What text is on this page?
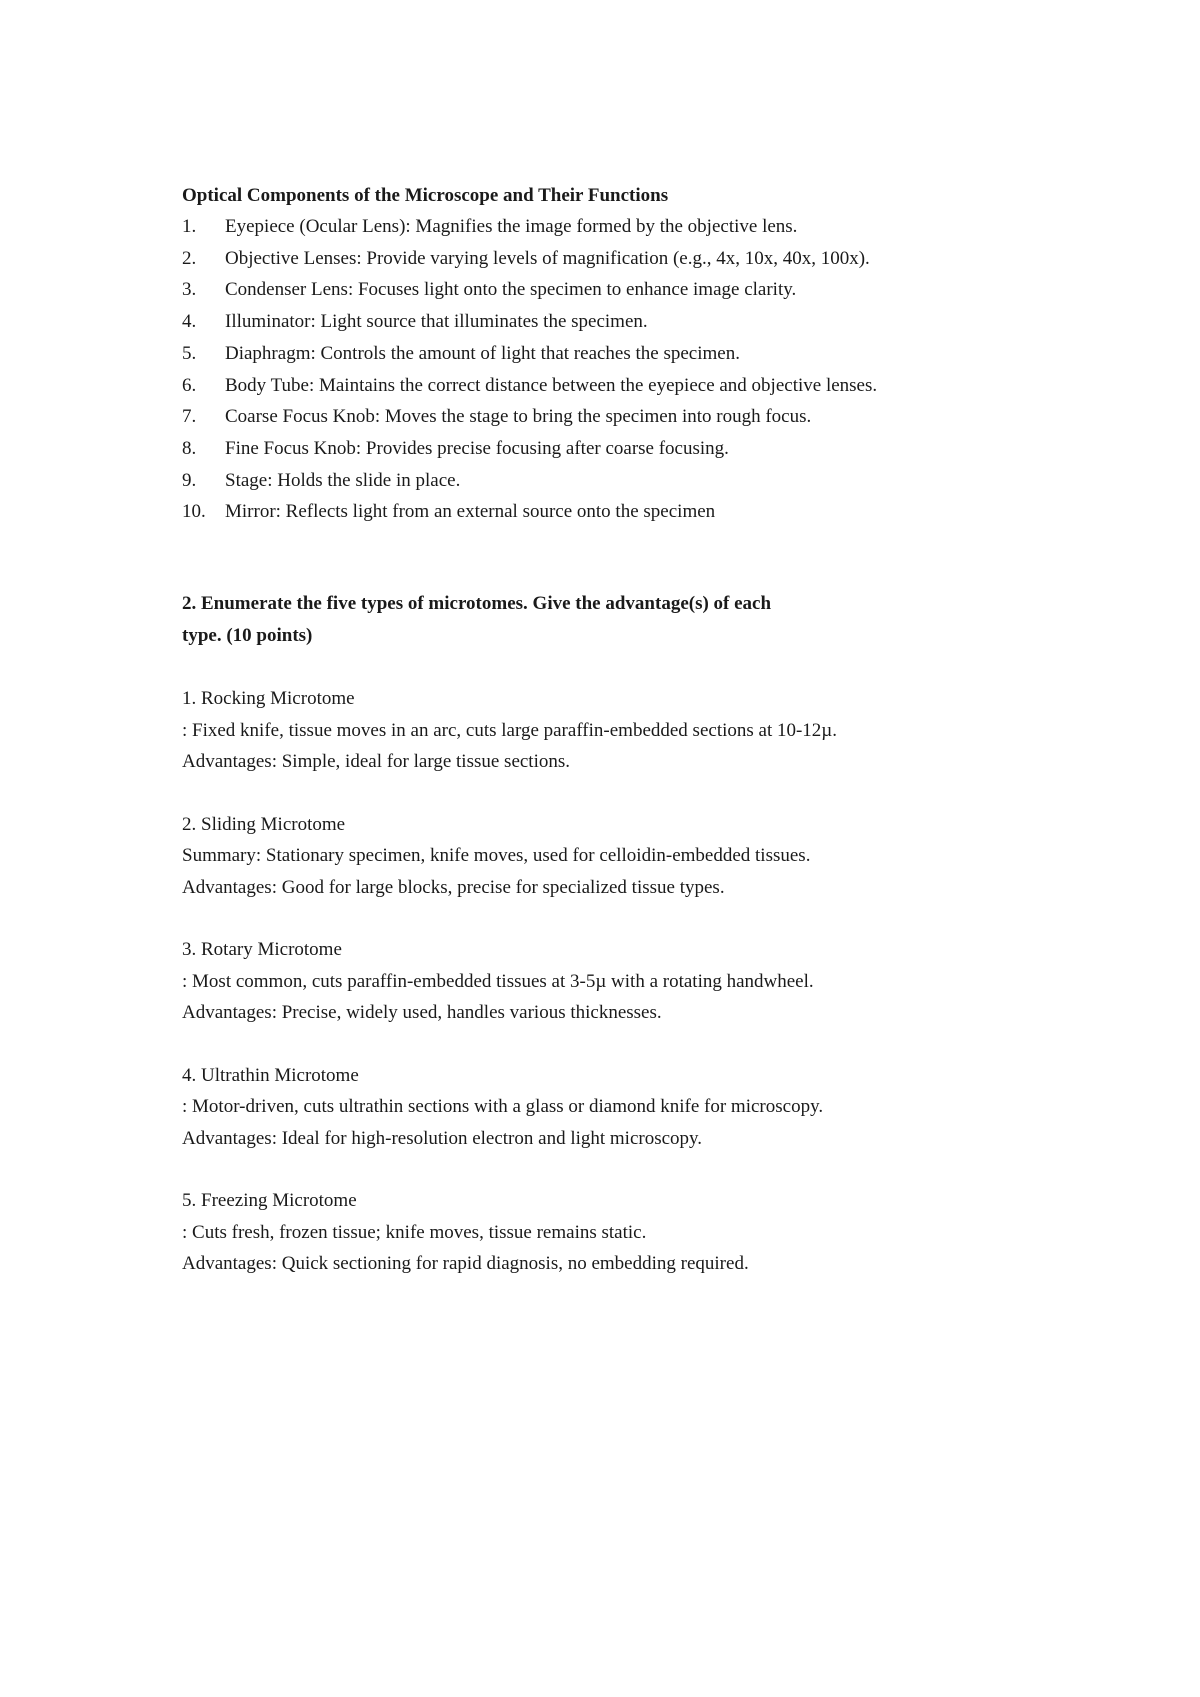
Optical Components of the Microscope and Their Functions

1.	Eyepiece (Ocular Lens): Magnifies the image formed by the objective lens.
2.	Objective Lenses: Provide varying levels of magnification (e.g., 4x, 10x, 40x, 100x).
3.	Condenser Lens: Focuses light onto the specimen to enhance image clarity.
4.	Illuminator: Light source that illuminates the specimen.
5.	Diaphragm: Controls the amount of light that reaches the specimen.
6.	Body Tube: Maintains the correct distance between the eyepiece and objective lenses.
7.	Coarse Focus Knob: Moves the stage to bring the specimen into rough focus.
8.	Fine Focus Knob: Provides precise focusing after coarse focusing.
9.	Stage: Holds the slide in place.
10.	Mirror: Reflects light from an external source onto the specimen

2. Enumerate the five types of microtomes. Give the advantage(s) of each

type. (10 points)

1. Rocking Microtome

: Fixed knife, tissue moves in an arc, cuts large paraffin-embedded sections at 10-12µ.

Advantages: Simple, ideal for large tissue sections.

2. Sliding Microtome

Summary: Stationary specimen, knife moves, used for celloidin-embedded tissues.

Advantages: Good for large blocks, precise for specialized tissue types.

3. Rotary Microtome

: Most common, cuts paraffin-embedded tissues at 3-5µ with a rotating handwheel.

Advantages: Precise, widely used, handles various thicknesses.

4. Ultrathin Microtome

: Motor-driven, cuts ultrathin sections with a glass or diamond knife for microscopy.

Advantages: Ideal for high-resolution electron and light microscopy.

5. Freezing Microtome

: Cuts fresh, frozen tissue; knife moves, tissue remains static.

Advantages: Quick sectioning for rapid diagnosis, no embedding required.
